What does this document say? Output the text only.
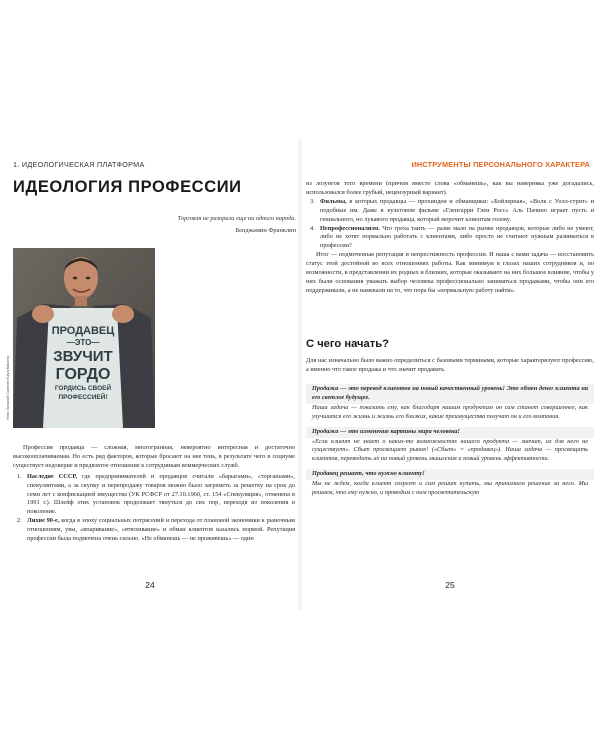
1. ИДЕОЛОГИЧЕСКАЯ ПЛАТФОРМА
ИДЕОЛОГИЯ ПРОФЕССИИ
Торговля не разорила еще ни одного народа.
Бенджамин Франклин
Фото: Виталий Сапегин/Yuliya Baturina
ПРОДАВЕЦ
—ЭТО—
ЗВУЧИТ
ГОРДО
ГОРДИСЬ СВОЕЙ
ПРОФЕССИЕЙ!

Профессия продавца — сложная, многогранная, невероятно интересная и достаточно высокооплачиваемая. Но есть ряд факторов, которые бросают на нее тень, в результате чего в социуме существует недоверие и предвзятое отношение к сотрудникам коммерческих служб.

1. Наследие СССР, где предпринимателей и продавцов считали «барыгами», «торгашами», спекулянтами, а за скупку и перепродажу товаров можно было загреметь за решетку на срок до семи лет с конфискацией имущества (УК РСФСР от 27.10.1960, ст. 154 «Спекуляция», отменена в 1991 г.). Шлейф этих установок продолжает тянуться до сих пор, переходя из поколения в поколение.
2. Лихие 90-е, когда в эпоху социальных потрясений и перехода от плановой экономики к рыночным отношениям, увы, «впаривание», «втюхивание» и обман клиентов казались нормой. Репутация профессии была подмочена очень сильно. «Не обманешь — не проживешь» — один
24
ИНСТРУМЕНТЫ ПЕРСОНАЛЬНОГО ХАРАКТЕРА

из лозунгов того времени (причем вместо слова «обманешь», как вы наверняка уже догадались, использовался более грубый, нецензурный вариант).

3. Фильмы, в которых продавцы — прохиндеи и обманщики: «Бойлерная», «Волк с Уолл-стрит» и подобные им. Даже в культовом фильме «Гленгарри Глен Росс» Аль Пачино играет пусть и гениального, но лукавого продавца, который морочит клиентам голову.
4. Непрофессионализм. Что греха таить — разве мало на рынке продавцов, которые либо не умеют, либо не хотят нормально работать с клиентами, либо просто не считают нужным развиваться в профессии?

Итог — подмоченная репутация и непрестижность профессии. И наша с вами задача — восстановить статус этой достойной во всех отношениях работы. Как минимум в глазах наших сотрудников и, по возможности, в представлении их родных и близких, которые оказывают на них большое влияние, чтобы у них были основания уважать выбор человека профессионально заниматься продажами, чтобы они его поддерживали, а не намекали на то, что пора бы «нормальную работу найти».

С чего начать?

Для нас изначально было важно определиться с базовыми терминами, которые характеризуют профессию, а именно что такое продажа и что значит продавать.

Продажа — это перевод клиентов на новый качественный уровень! Это обмен денег клиента на его светлое будущее.
Наша задача — показать ему, как благодаря нашим продуктам он сам станет совершеннее, как улучшится его жизнь и жизнь его близких, какие преимущества получат он и его компания.
Продажа — это изменение картины мира человека!
«Если клиент не знает о каких-то возможностях нашего продукта — значит, их для него не существует». Сбыт просвещает рынок! («Сбыт» = «продавец»). Наша задача — просвещать клиентов, переводить их на новый уровень мышления и новый уровень эффективности.
Продавец решает, что нужно клиенту!
Мы не ждем, когда клиент созреет и сам решит купить, мы принимаем решение за него. Мы решаем, что ему нужно, и проводим с ним просветительскую
25
